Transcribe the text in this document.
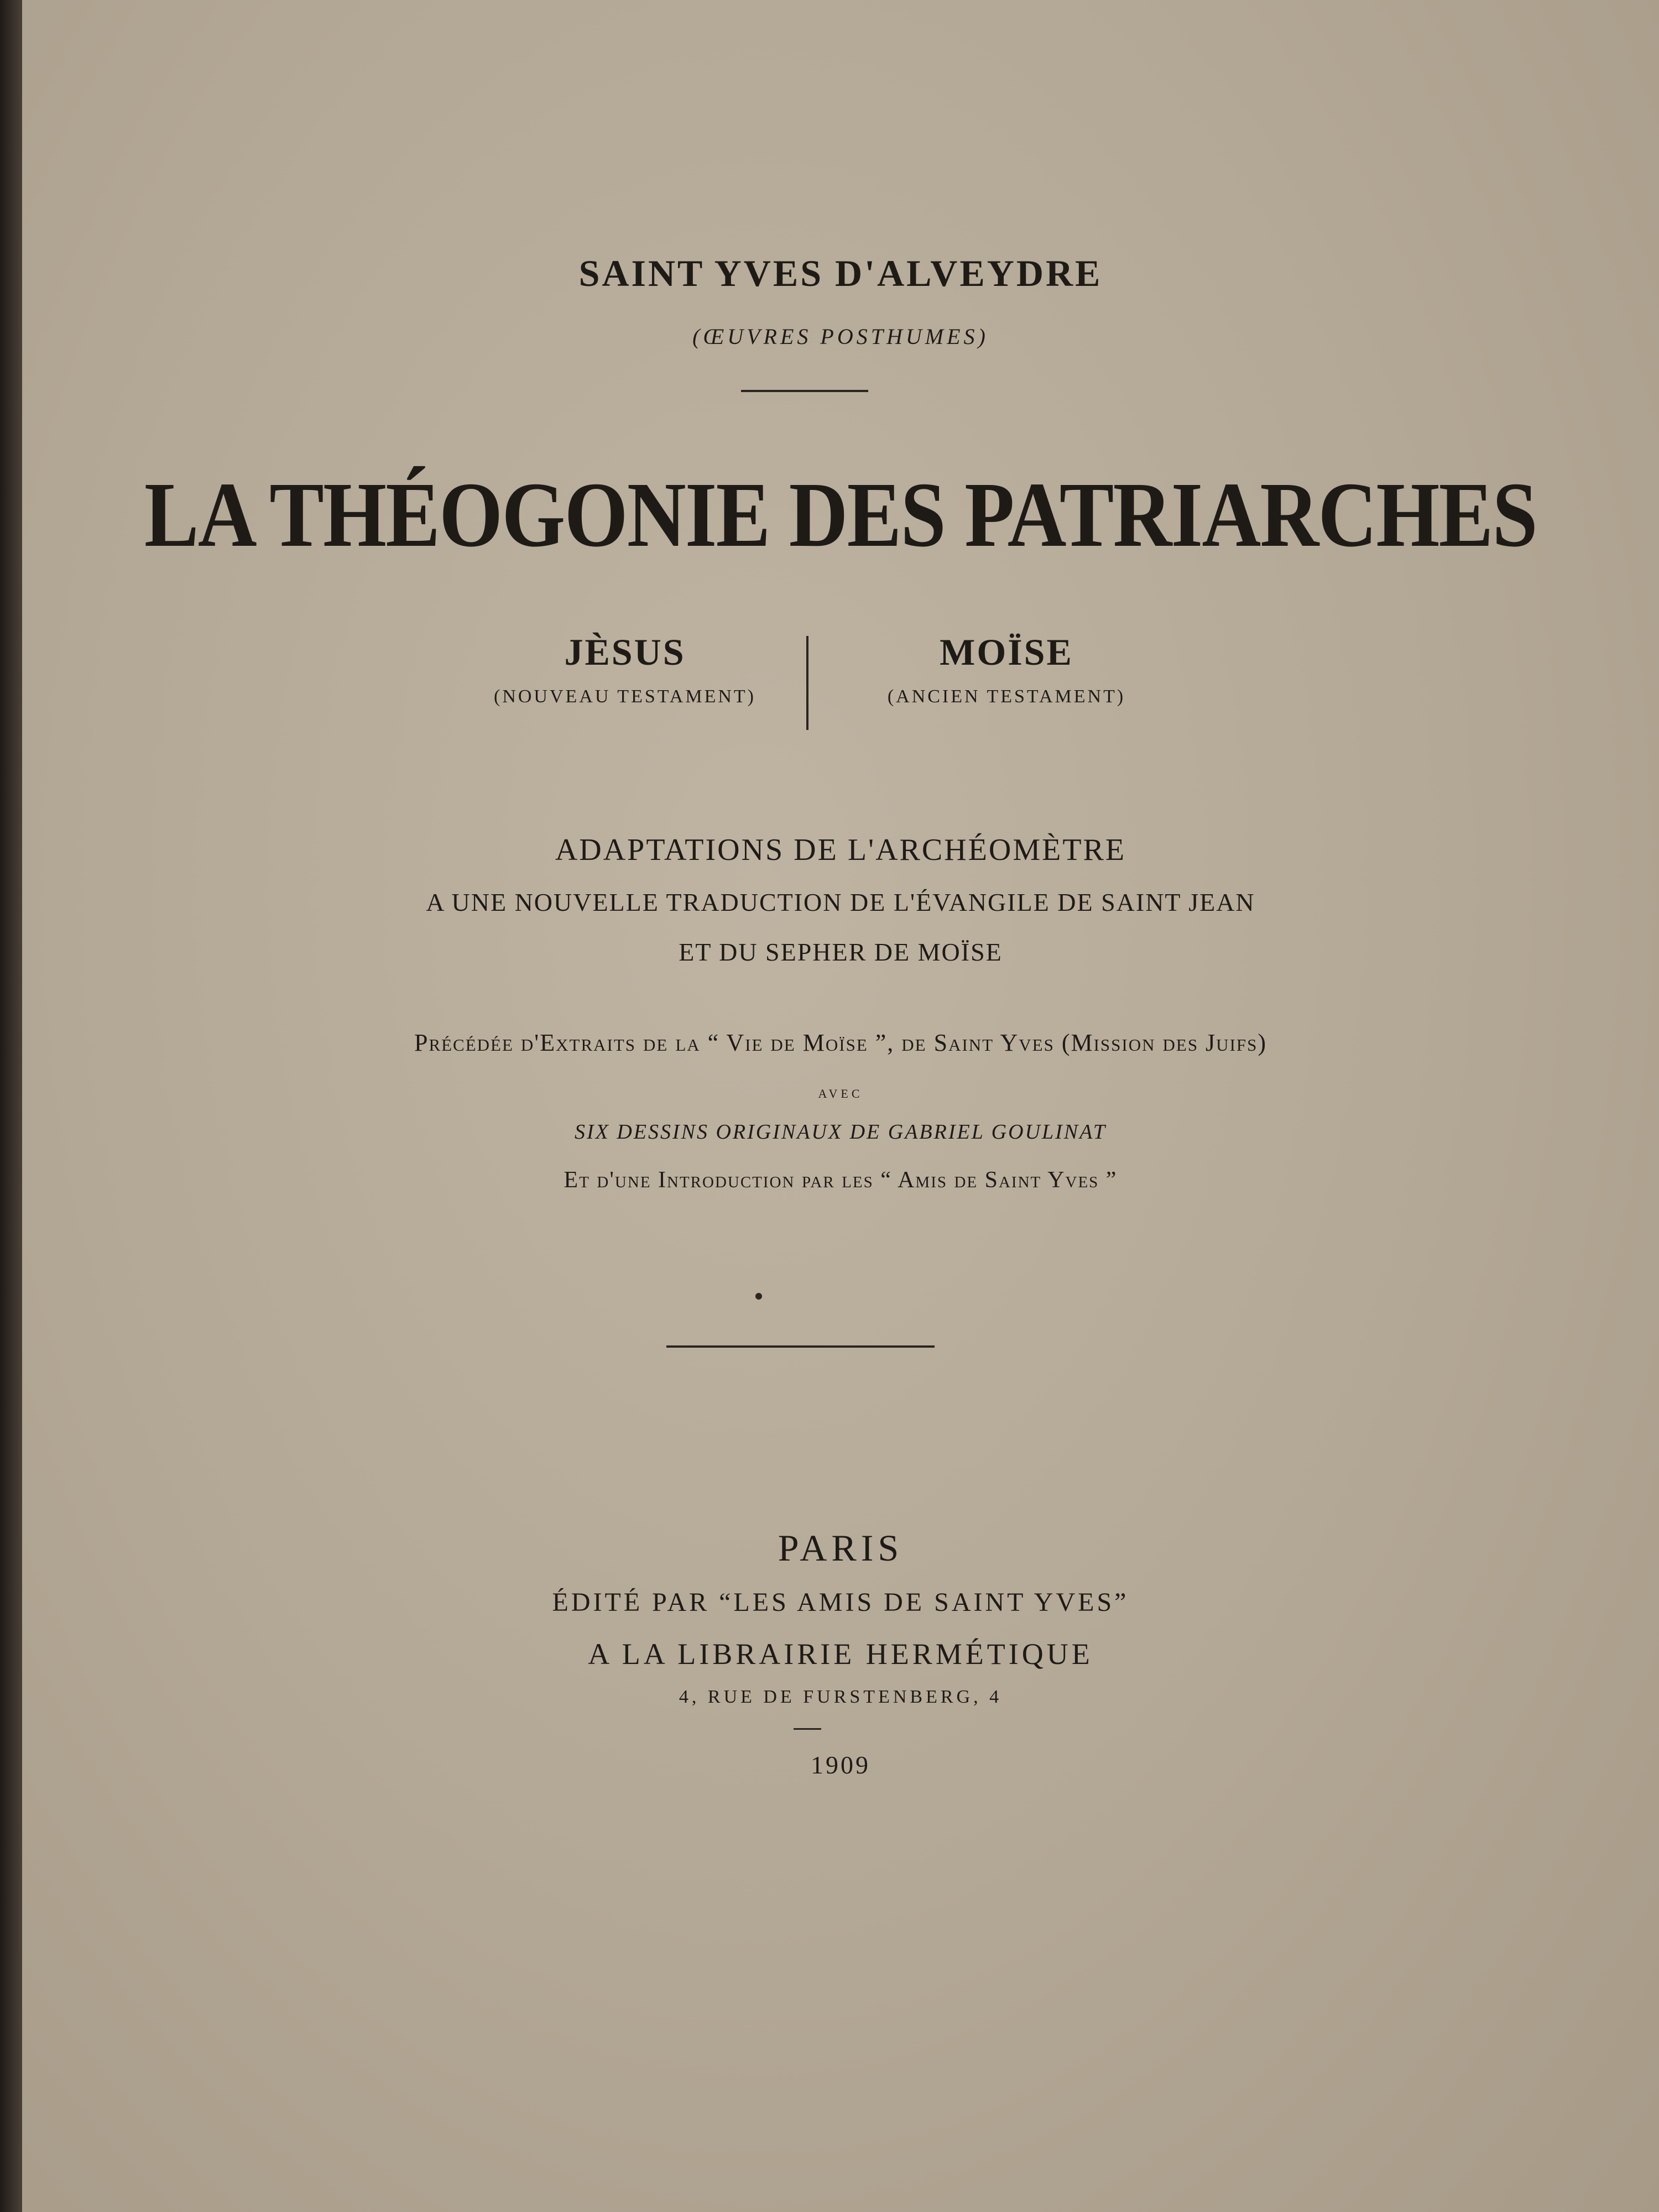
SAINT YVES D'ALVEYDRE

(ŒUVRES POSTHUMES)

LA THÉOGONIE DES PATRIARCHES

JÈSUS
(NOUVEAU TESTAMENT)
MOÏSE
(ANCIEN TESTAMENT)

ADAPTATIONS DE L'ARCHÉOMÈTRE

A UNE NOUVELLE TRADUCTION DE L'ÉVANGILE DE SAINT JEAN

ET DU SEPHER DE MOÏSE

Précédée d'Extraits de la “ Vie de Moïse ”, de Saint Yves (Mission des Juifs)

AVEC

SIX DESSINS ORIGINAUX DE GABRIEL GOULINAT

Et d'une Introduction par les “ Amis de Saint Yves ”

PARIS

ÉDITÉ PAR “LES AMIS DE SAINT YVES”

A LA LIBRAIRIE HERMÉTIQUE

4, RUE DE FURSTENBERG, 4

1909
